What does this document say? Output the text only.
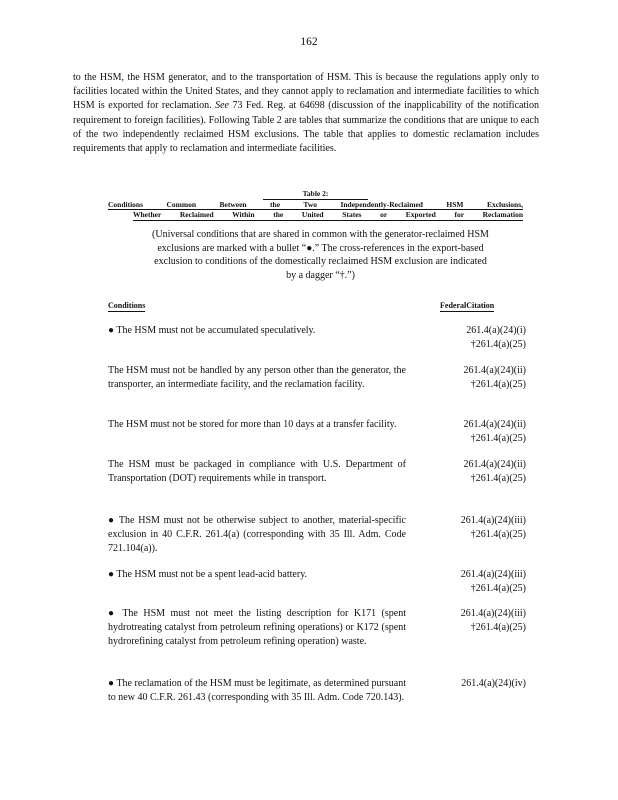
162
to the HSM, the HSM generator, and to the transportation of HSM. This is because the regulations apply only to facilities located within the United States, and they cannot apply to reclamation and intermediate facilities to which HSM is exported for reclamation. See 73 Fed. Reg. at 64698 (discussion of the inapplicability of the notification requirement to foreign facilities). Following Table 2 are tables that summarize the conditions that are unique to each of the two independently reclaimed HSM exclusions. The table that applies to domestic reclamation includes requirements that apply to reclamation and intermediate facilities.
Table 2:
Conditions Common Between the Two Independently-Reclaimed HSM Exclusions,
Whether Reclaimed Within the United States or Exported for Reclamation
(Universal conditions that are shared in common with the generator-reclaimed HSM exclusions are marked with a bullet “●.” The cross-references in the export-based exclusion to conditions of the domestically reclaimed HSM exclusion are indicated by a dagger “†.”)
Conditions	FederalCitation
● The HSM must not be accumulated speculatively.	261.4(a)(24)(i)
†261.4(a)(25)
The HSM must not be handled by any person other than the generator, the transporter, an intermediate facility, and the reclamation facility.
261.4(a)(24)(ii)
†261.4(a)(25)
The HSM must not be stored for more than 10 days at a transfer facility.	261.4(a)(24)(ii)
†261.4(a)(25)
The HSM must be packaged in compliance with U.S. Department of Transportation (DOT) requirements while in transport.
261.4(a)(24)(ii)
†261.4(a)(25)
● The HSM must not be otherwise subject to another, material-specific exclusion in 40 C.F.R. 261.4(a) (corresponding with 35 Ill. Adm. Code 721.104(a)).
261.4(a)(24)(iii)
†261.4(a)(25)
● The HSM must not be a spent lead-acid battery.	261.4(a)(24)(iii)
†261.4(a)(25)
● The HSM must not meet the listing description for K171 (spent hydrotreating catalyst from petroleum refining operations) or K172 (spent hydrorefining catalyst from petroleum refining operation) waste.
261.4(a)(24)(iii)
†261.4(a)(25)
● The reclamation of the HSM must be legitimate, as determined pursuant to new 40 C.F.R. 261.43 (corresponding with 35 Ill. Adm. Code 720.143).
261.4(a)(24)(iv)
